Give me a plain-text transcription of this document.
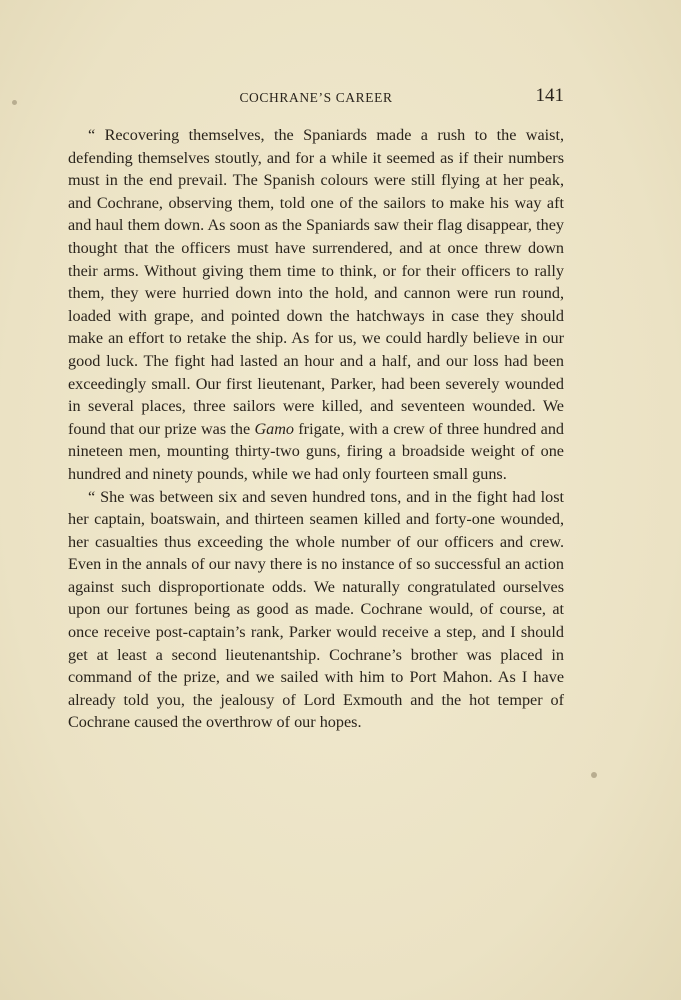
COCHRANE’S CAREER	141

“ Recovering themselves, the Spaniards made a rush to the waist, defending themselves stoutly, and for a while it seemed as if their numbers must in the end prevail. The Spanish colours were still flying at her peak, and Cochrane, observing them, told one of the sailors to make his way aft and haul them down. As soon as the Spaniards saw their flag disappear, they thought that the officers must have surrendered, and at once threw down their arms. Without giving them time to think, or for their officers to rally them, they were hurried down into the hold, and cannon were run round, loaded with grape, and pointed down the hatchways in case they should make an effort to retake the ship. As for us, we could hardly believe in our good luck. The fight had lasted an hour and a half, and our loss had been exceedingly small. Our first lieutenant, Parker, had been severely wounded in several places, three sailors were killed, and seventeen wounded. We found that our prize was the Gamo frigate, with a crew of three hundred and nineteen men, mounting thirty-two guns, firing a broadside weight of one hundred and ninety pounds, while we had only fourteen small guns.

“ She was between six and seven hundred tons, and in the fight had lost her captain, boatswain, and thirteen seamen killed and forty-one wounded, her casualties thus exceeding the whole number of our officers and crew. Even in the annals of our navy there is no instance of so successful an action against such disproportionate odds. We naturally congratulated ourselves upon our fortunes being as good as made. Cochrane would, of course, at once receive post-captain’s rank, Parker would receive a step, and I should get at least a second lieutenantship. Cochrane’s brother was placed in command of the prize, and we sailed with him to Port Mahon. As I have already told you, the jealousy of Lord Exmouth and the hot temper of Cochrane caused the overthrow of our hopes.
